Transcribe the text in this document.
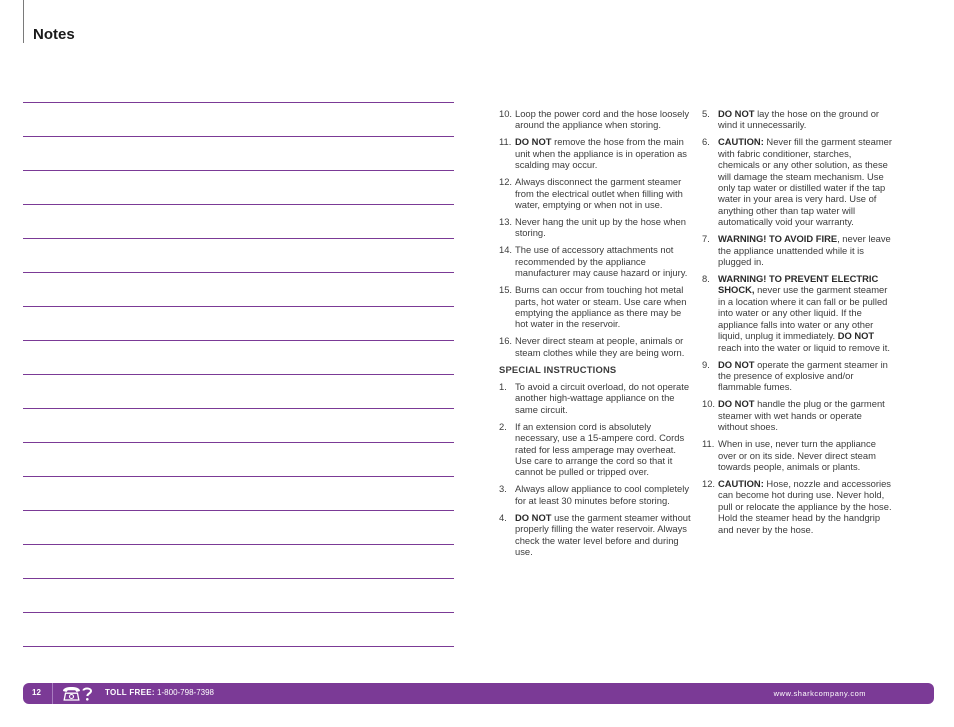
Notes
10. Loop the power cord and the hose loosely around the appliance when storing.
11. DO NOT remove the hose from the main unit when the appliance is in operation as scalding may occur.
12. Always disconnect the garment steamer from the electrical outlet when filling with water, emptying or when not in use.
13. Never hang the unit up by the hose when storing.
14. The use of accessory attachments not recommended by the appliance manufacturer may cause hazard or injury.
15. Burns can occur from touching hot metal parts, hot water or steam. Use care when emptying the appliance as there may be hot water in the reservoir.
16. Never direct steam at people, animals or steam clothes while they are being worn.
SPECIAL INSTRUCTIONS
1. To avoid a circuit overload, do not operate another high-wattage appliance on the same circuit.
2. If an extension cord is absolutely necessary, use a 15-ampere cord. Cords rated for less amperage may overheat. Use care to arrange the cord so that it cannot be pulled or tripped over.
3. Always allow appliance to cool completely for at least 30 minutes before storing.
4. DO NOT use the garment steamer without properly filling the water reservoir. Always check the water level before and during use.
5. DO NOT lay the hose on the ground or wind it unnecessarily.
6. CAUTION: Never fill the garment steamer with fabric conditioner, starches, chemicals or any other solution, as these will damage the steam mechanism. Use only tap water or distilled water if the tap water in your area is very hard. Use of anything other than tap water will automatically void your warranty.
7. WARNING! TO AVOID FIRE, never leave the appliance unattended while it is plugged in.
8. WARNING! TO PREVENT ELECTRIC SHOCK, never use the garment steamer in a location where it can fall or be pulled into water or any other liquid. If the appliance falls into water or any other liquid, unplug it immediately. DO NOT reach into the water or liquid to remove it.
9. DO NOT operate the garment steamer in the presence of explosive and/or flammable fumes.
10. DO NOT handle the plug or the garment steamer with wet hands or operate without shoes.
11. When in use, never turn the appliance over or on its side. Never direct steam towards people, animals or plants.
12. CAUTION: Hose, nozzle and accessories can become hot during use. Never hold, pull or relocate the appliance by the hose. Hold the steamer head by the handgrip and never by the hose.
12	TOLL FREE: 1-800-798-7398	www.sharkcompany.com
